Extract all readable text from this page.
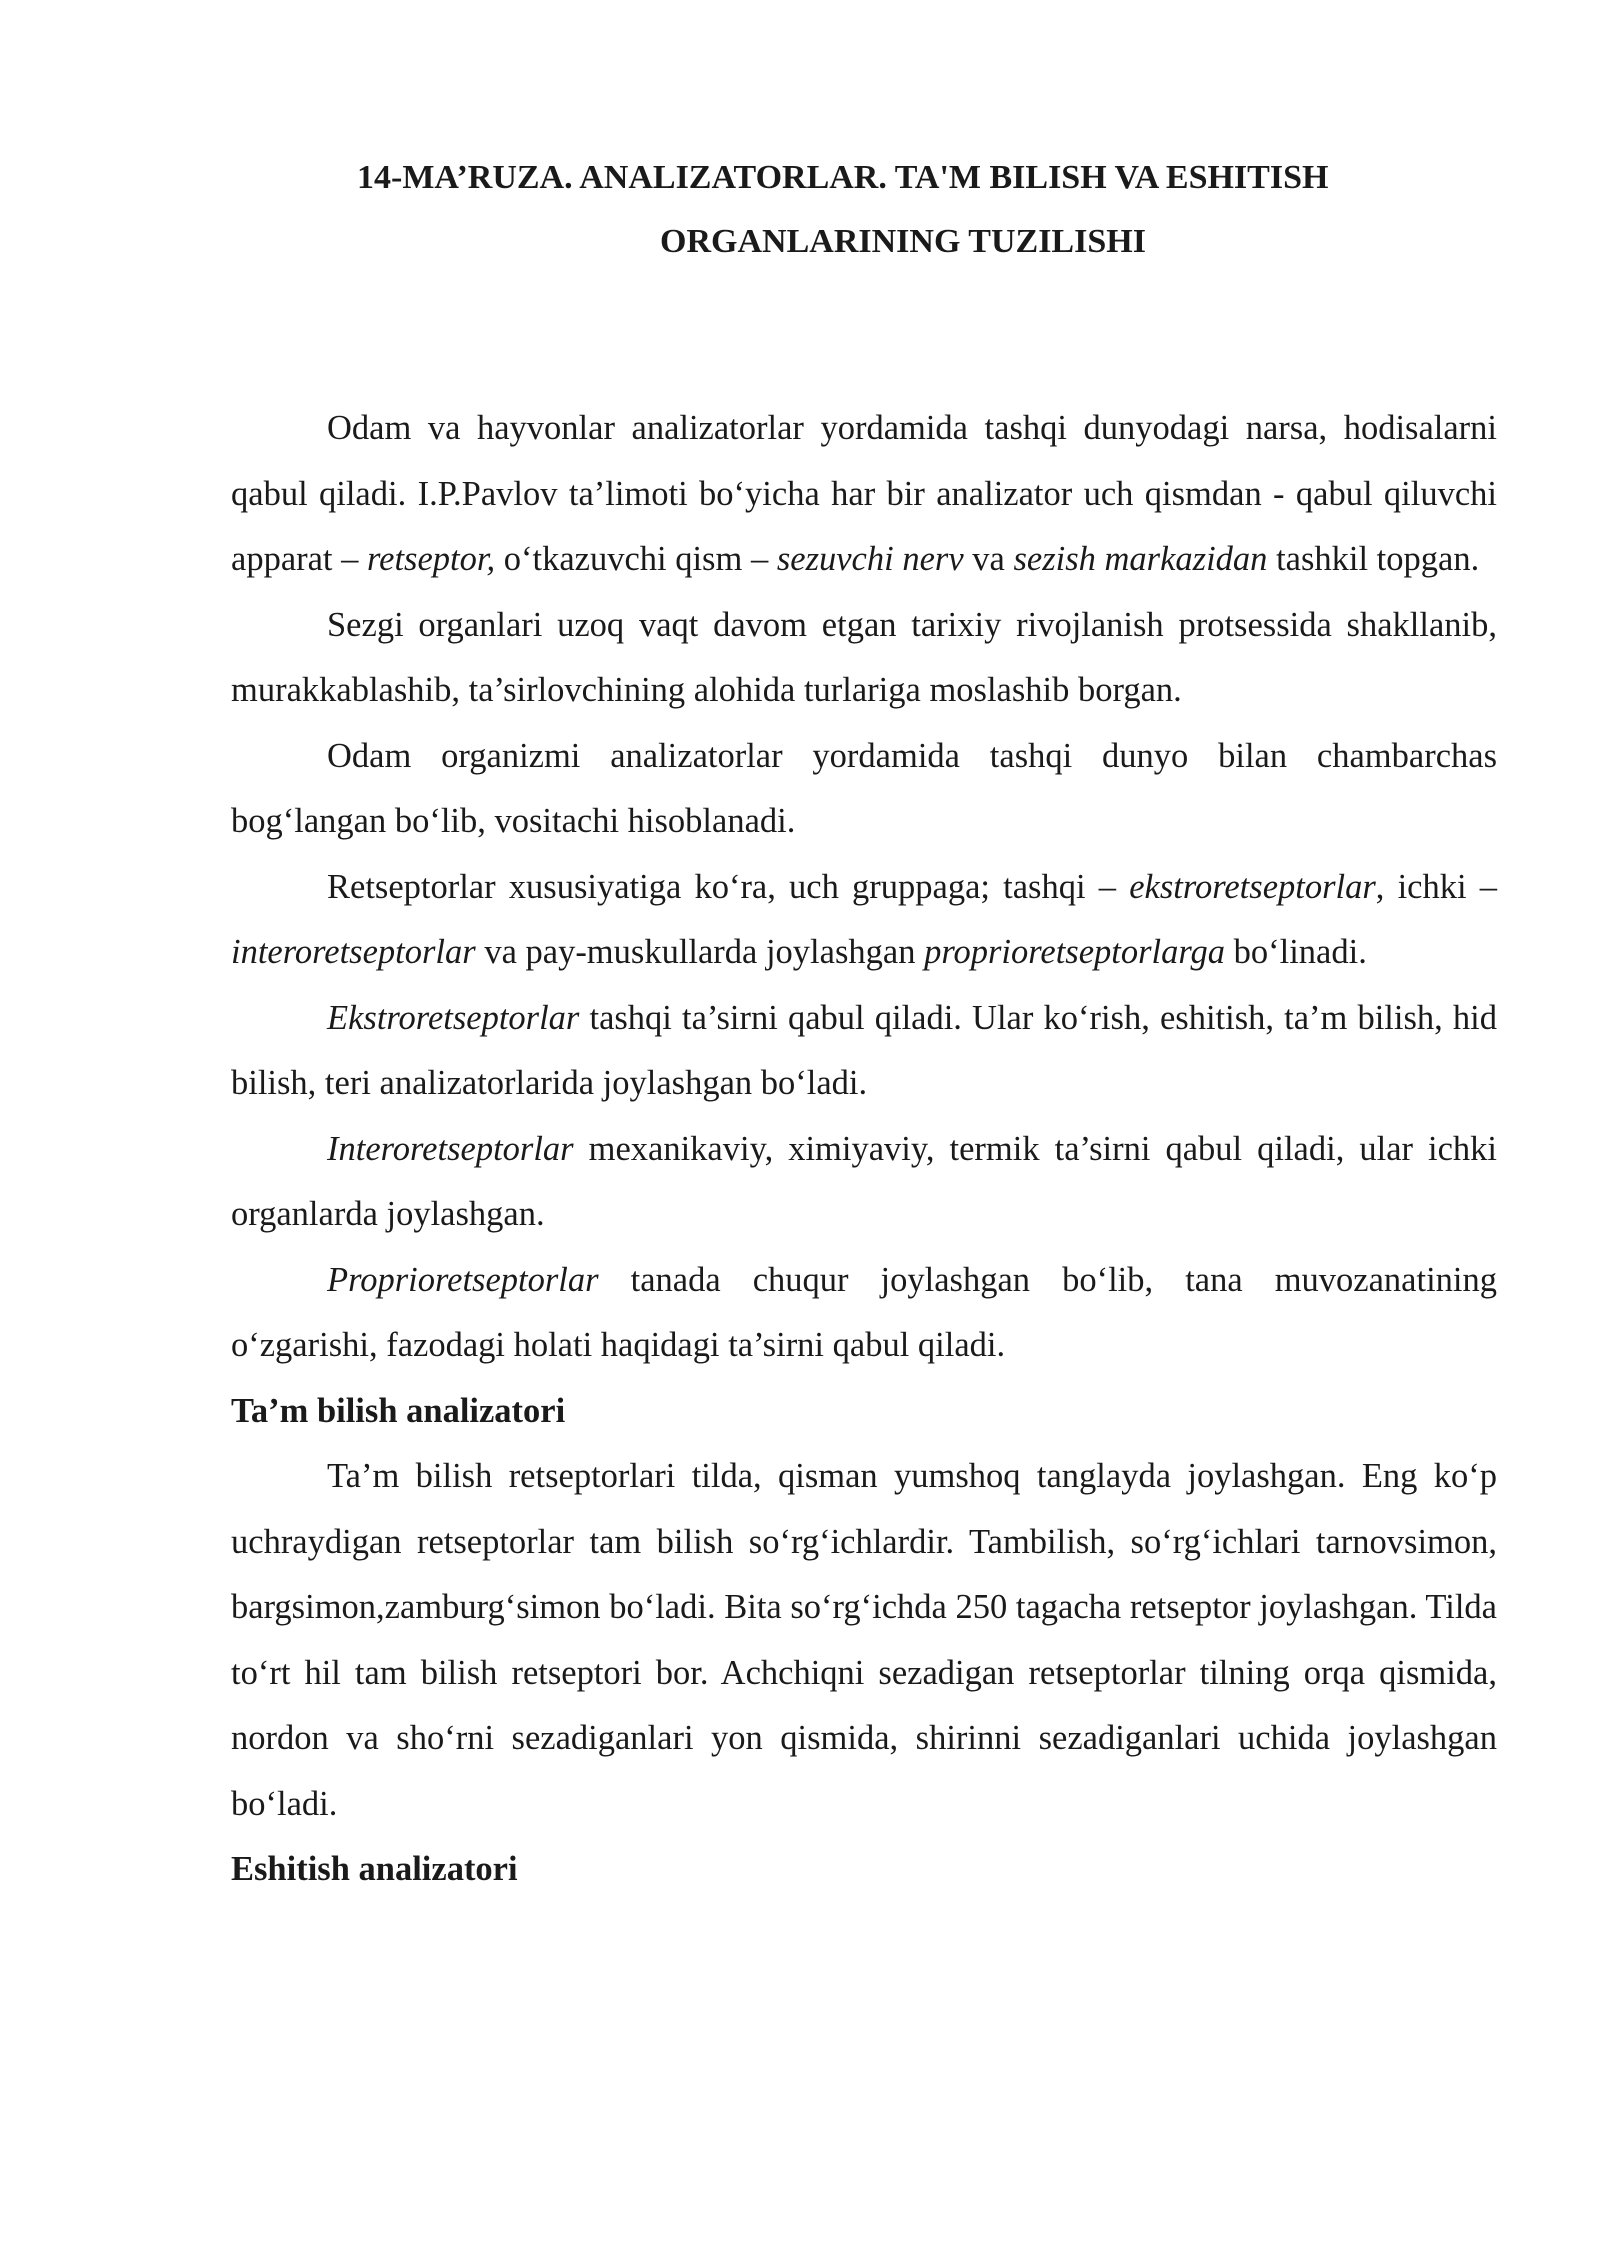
14-MA’RUZA. ANALIZATORLAR. TA'M BILISH VA ESHITISH
ORGANLARINING TUZILISHI

Odam va hayvonlar analizatorlar yordamida tashqi dunyodagi narsa, hodisalarni qabul qiladi. I.P.Pavlov ta’limoti bo‘yicha har bir analizator uch qismdan - qabul qiluvchi apparat – retseptor, o‘tkazuvchi qism – sezuvchi nerv va sezish markazidan tashkil topgan.

Sezgi organlari uzoq vaqt davom etgan tarixiy rivojlanish protsessida shakllanib, murakkablashib, ta’sirlovchining alohida turlariga moslashib borgan.

Odam organizmi analizatorlar yordamida tashqi dunyo bilan chambarchas bog‘langan bo‘lib, vositachi hisoblanadi.

Retseptorlar xususiyatiga ko‘ra, uch gruppaga; tashqi – ekstroretseptorlar, ichki – interoretseptorlar va pay-muskullarda joylashgan proprioretseptorlarga bo‘linadi.

Ekstroretseptorlar tashqi ta’sirni qabul qiladi. Ular ko‘rish, eshitish, ta’m bilish, hid bilish, teri analizatorlarida joylashgan bo‘ladi.

Interoretseptorlar mexanikaviy, ximiyaviy, termik ta’sirni qabul qiladi, ular ichki organlarda joylashgan.

Proprioretseptorlar tanada chuqur joylashgan bo‘lib, tana muvozanatining o‘zgarishi, fazodagi holati haqidagi ta’sirni qabul qiladi.

Ta’m bilish analizatori

Ta’m bilish retseptorlari tilda, qisman yumshoq tanglayda joylashgan. Eng ko‘p uchraydigan retseptorlar tam bilish so‘rg‘ichlardir. Tambilish, so‘rg‘ichlari tarnovsimon, bargsimon,zamburg‘simon bo‘ladi. Bita so‘rg‘ichda 250 tagacha retseptor joylashgan. Tilda to‘rt hil tam bilish retseptori bor. Achchiqni sezadigan retseptorlar tilning orqa qismida, nordon va sho‘rni sezadiganlari yon qismida, shirinni sezadiganlari uchida joylashgan bo‘ladi.

Eshitish analizatori
